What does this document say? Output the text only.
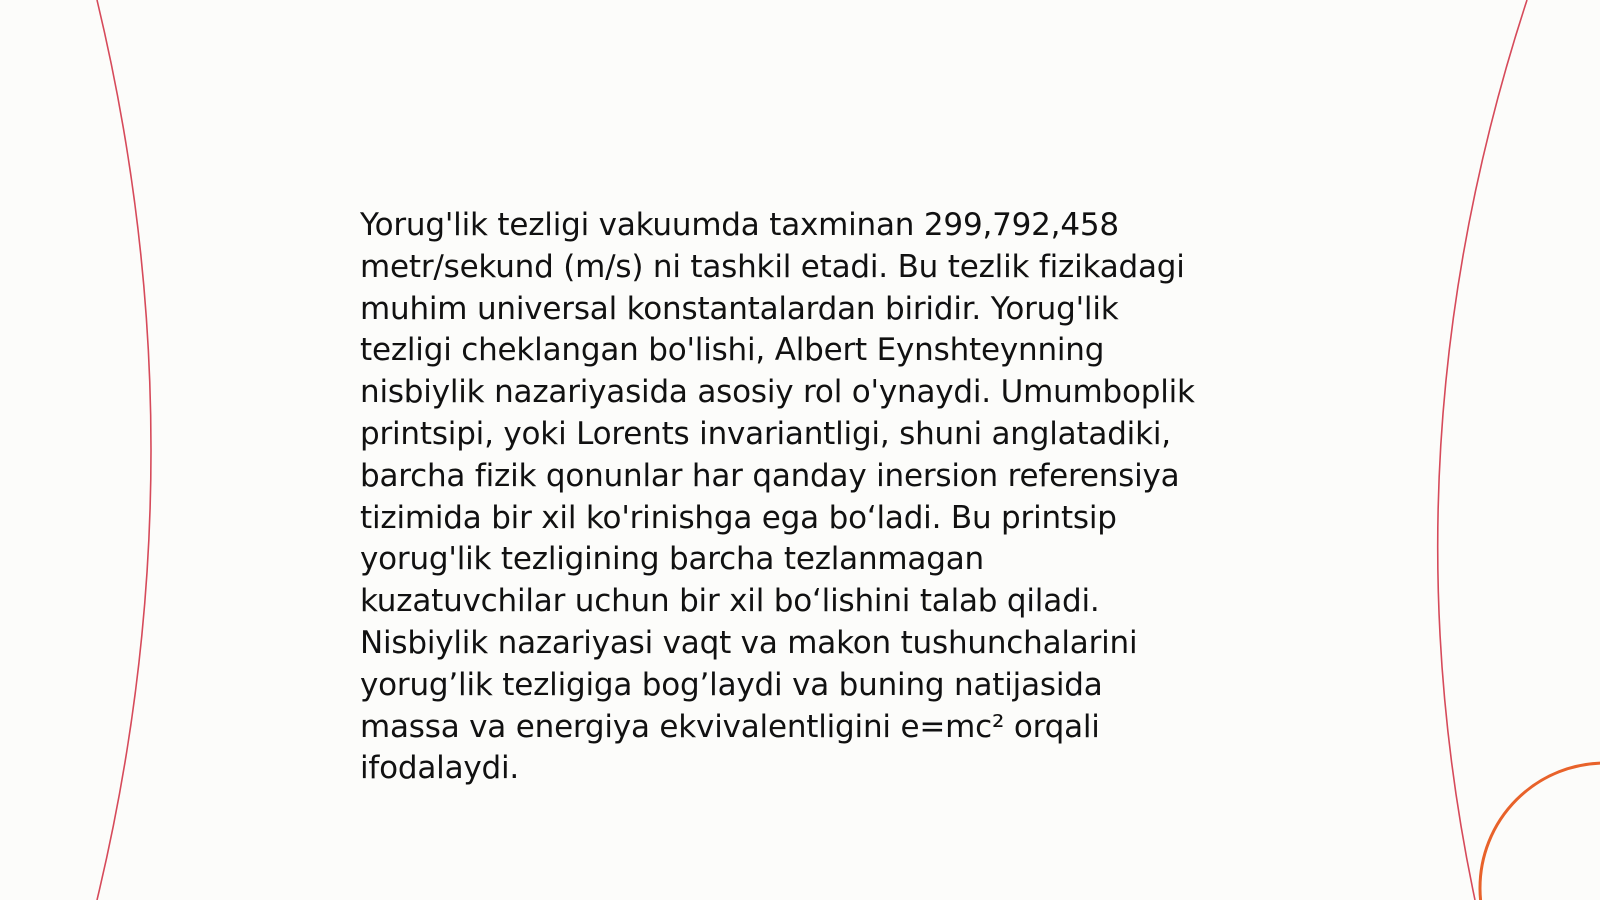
Yorug'lik tezligi vakuumda taxminan 299,792,458
metr/sekund (m/s) ni tashkil etadi. Bu tezlik fizikadagi
muhim universal konstantalardan biridir. Yorug'lik
tezligi cheklangan bo'lishi, Albert Eynshteynning
nisbiylik nazariyasida asosiy rol o'ynaydi. Umumboplik
printsipi, yoki Lorents invariantligi, shuni anglatadiki,
barcha fizik qonunlar har qanday inersion referensiya
tizimida bir xil ko'rinishga ega bo‘ladi. Bu printsip
yorug'lik tezligining barcha tezlanmagan
kuzatuvchilar uchun bir xil bo‘lishini talab qiladi.
Nisbiylik nazariyasi vaqt va makon tushunchalarini
yorug’lik tezligiga bog’laydi va buning natijasida
massa va energiya ekvivalentligini e=mc² orqali
ifodalaydi.
